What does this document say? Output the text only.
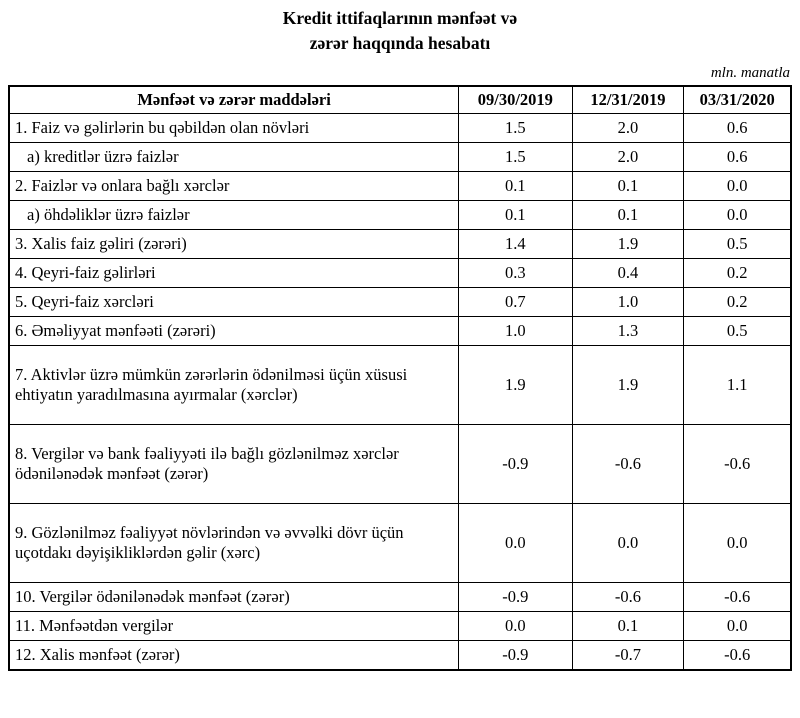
Kredit ittifaqlarının mənfəət və
zərər haqqında hesabatı
mln. manatla
Mənfəət və zərər maddələri	09/30/2019	12/31/2019	03/31/2020
1. Faiz və gəlirlərin bu qəbildən olan növləri	1.5	2.0	0.6
a) kreditlər üzrə faizlər	1.5	2.0	0.6
2. Faizlər və onlara bağlı xərclər	0.1	0.1	0.0
a) öhdəliklər üzrə faizlər	0.1	0.1	0.0
3. Xalis faiz gəliri (zərəri)	1.4	1.9	0.5
4. Qeyri-faiz gəlirləri	0.3	0.4	0.2
5. Qeyri-faiz xərcləri	0.7	1.0	0.2
6. Əməliyyat mənfəəti (zərəri)	1.0	1.3	0.5
7. Aktivlər üzrə mümkün zərərlərin ödənilməsi üçün xüsusi ehtiyatın yaradılmasına ayırmalar (xərclər)	1.9	1.9	1.1
8. Vergilər və bank fəaliyyəti ilə bağlı gözlənilməz xərclər ödənilənədək mənfəət (zərər)	-0.9	-0.6	-0.6
9. Gözlənilməz fəaliyyət növlərindən və əvvəlki dövr üçün uçotdakı dəyişikliklərdən gəlir (xərc)	0.0	0.0	0.0
10. Vergilər ödənilənədək mənfəət (zərər)	-0.9	-0.6	-0.6
11. Mənfəətdən vergilər	0.0	0.1	0.0
12. Xalis mənfəət (zərər)	-0.9	-0.7	-0.6
